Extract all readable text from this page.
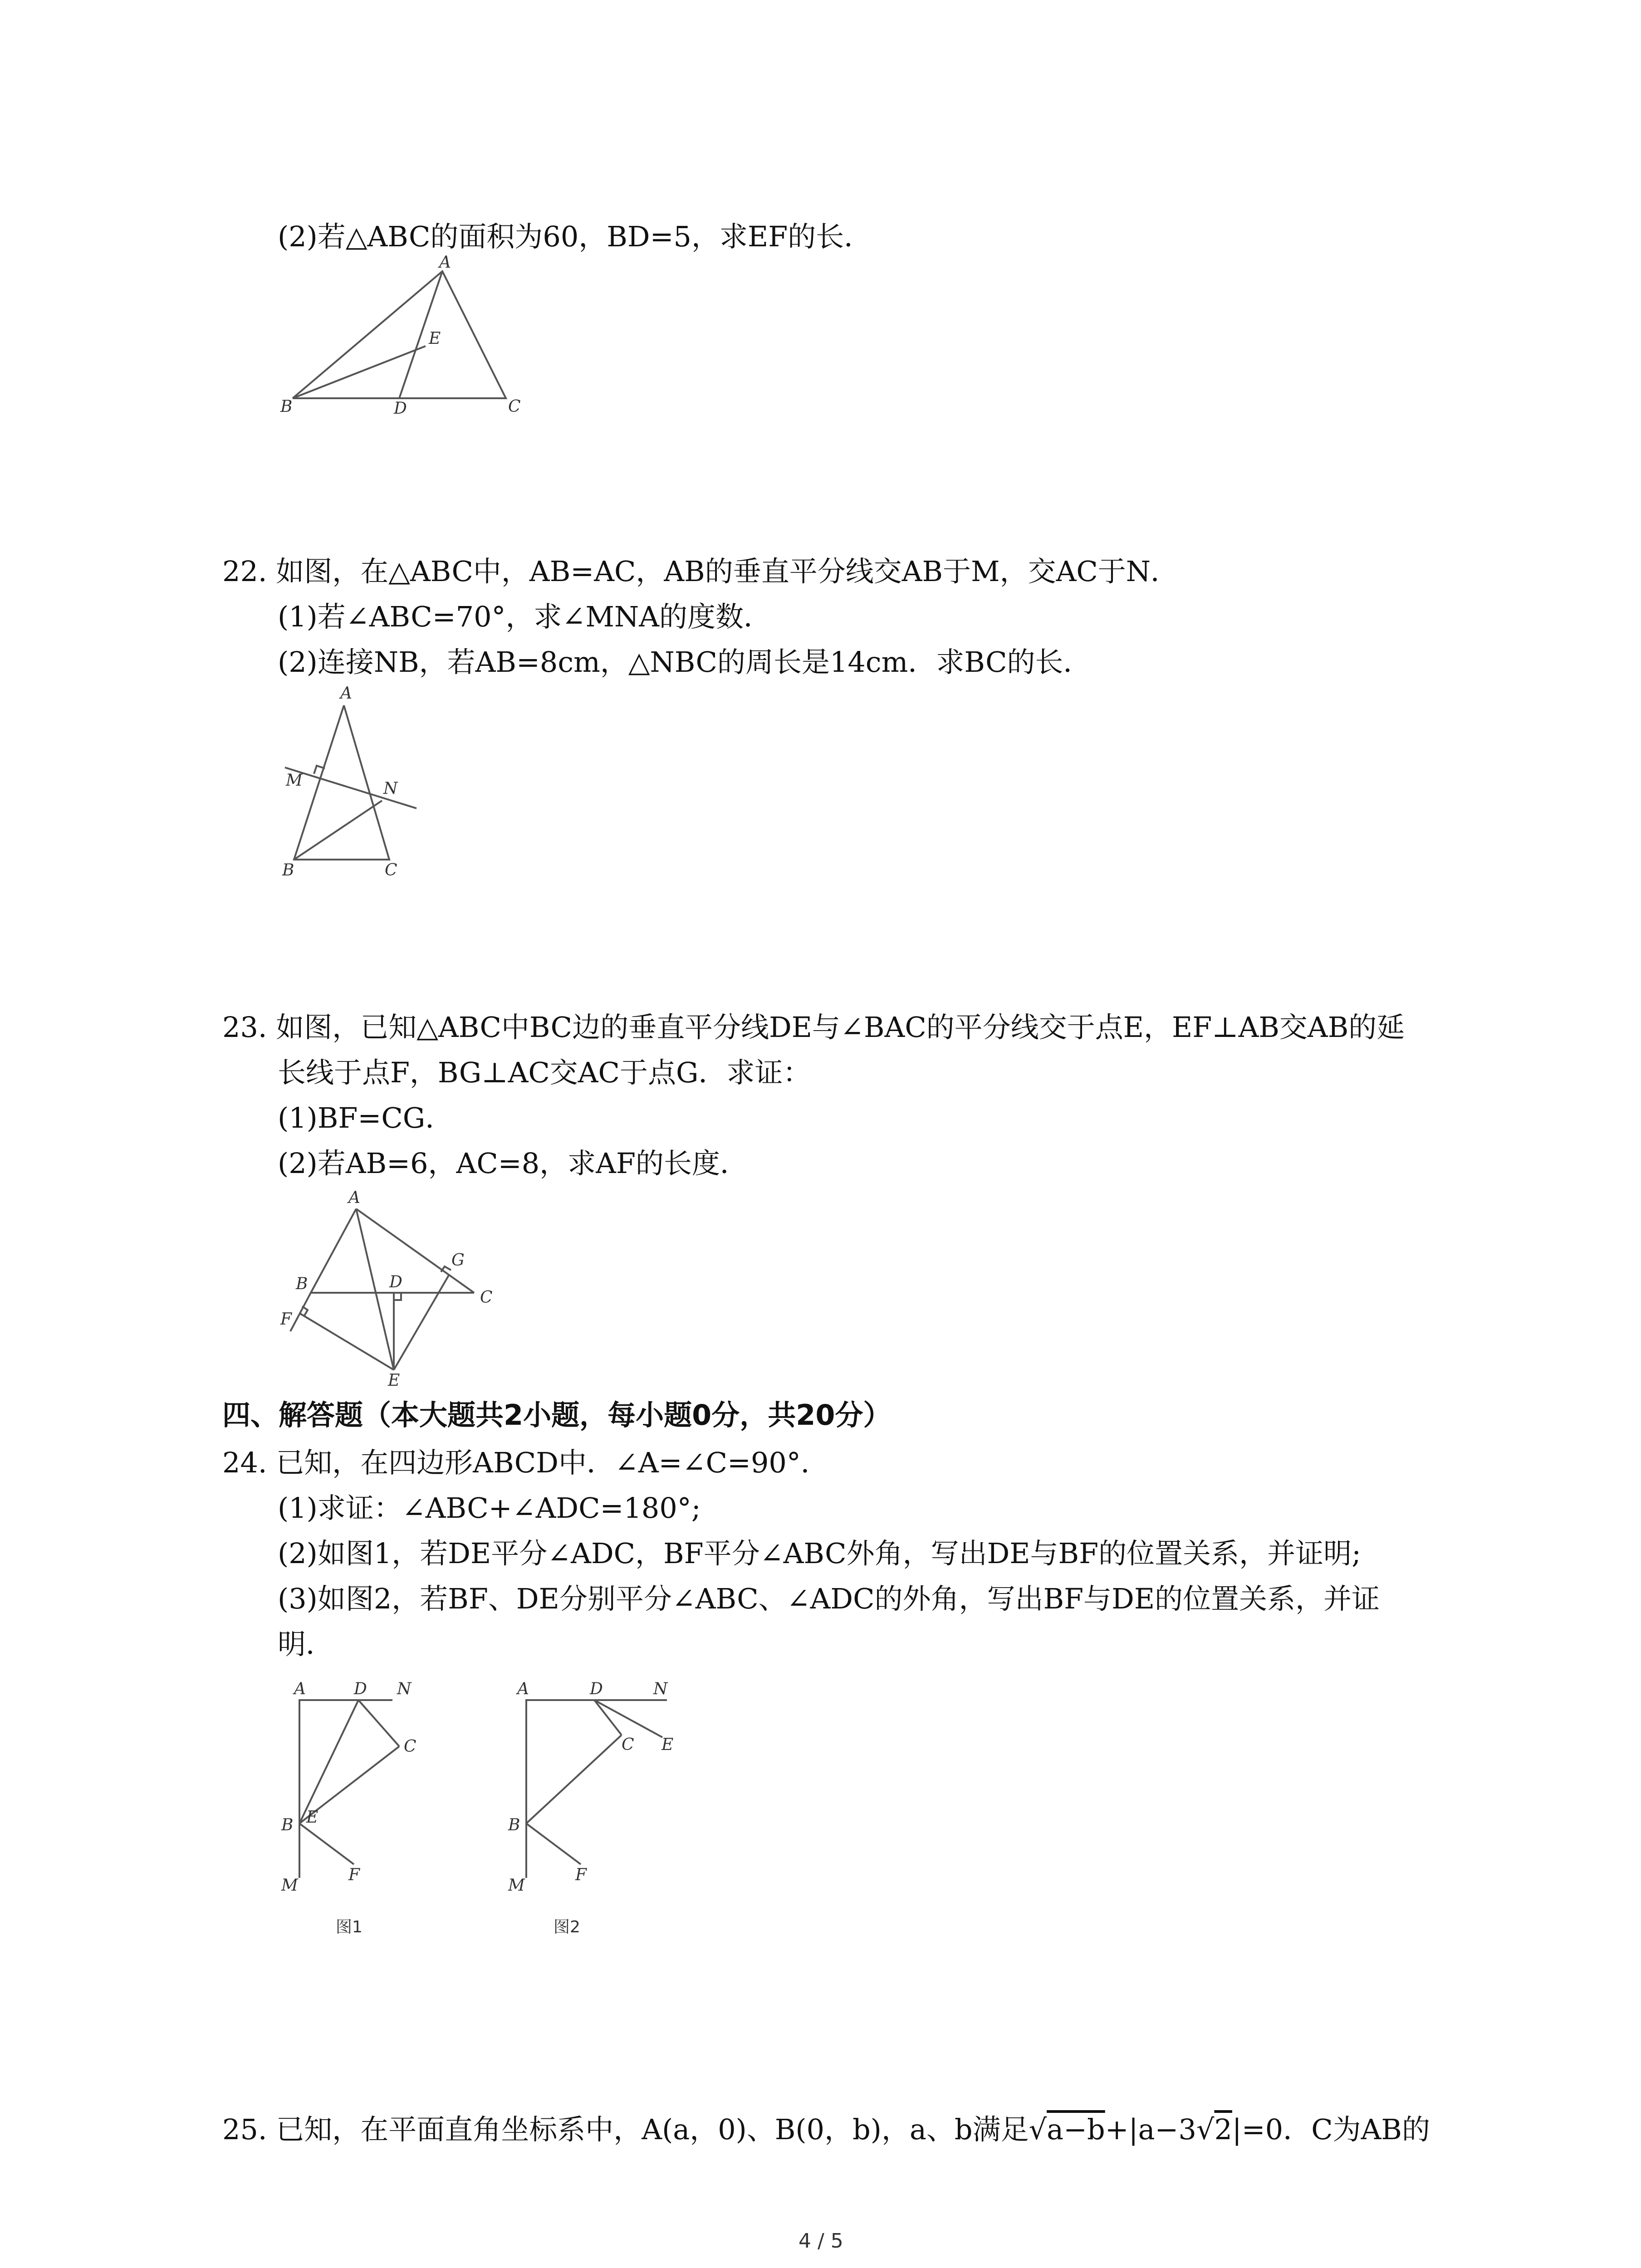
(2)若△ABC的面积为60，BD=5，求EF的长．
A
B	C
D
E
22. 如图，在△ABC中，AB=AC，AB的垂直平分线交AB于M，交AC于N．
(1)若∠ABC=70°，求∠MNA的度数．
(2)连接NB，若AB=8cm，△NBC的周长是14cm．求BC的长．
A
B	C
M	N
23. 如图，已知△ABC中BC边的垂直平分线DE与∠BAC的平分线交于点E，EF⊥AB交AB的延
长线于点F，BG⊥AC交AC于点G．求证：
(1)BF=CG．
(2)若AB=6，AC=8，求AF的长度．
A
B
C
D
E
F
G
四、解答题（本大题共2小题，每小题0分，共20分）
24. 已知，在四边形ABCD中．∠A=∠C=90°．
(1)求证：∠ABC+∠ADC=180°;
(2)如图1，若DE平分∠ADC，BF平分∠ABC外角，写出DE与BF的位置关系，并证明;
(3)如图2，若BF、DE分别平分∠ABC、∠ADC的外角，写出BF与DE的位置关系，并证
明．
A	D N
C
B E
F
M
图1
A	D	N
C E
B
F
M
图2
25. 已知，在平面直角坐标系中，A(a，0)、B(0，b)，a、b满足√a−b+|a−3√2|=0．C为AB的
4 / 5
